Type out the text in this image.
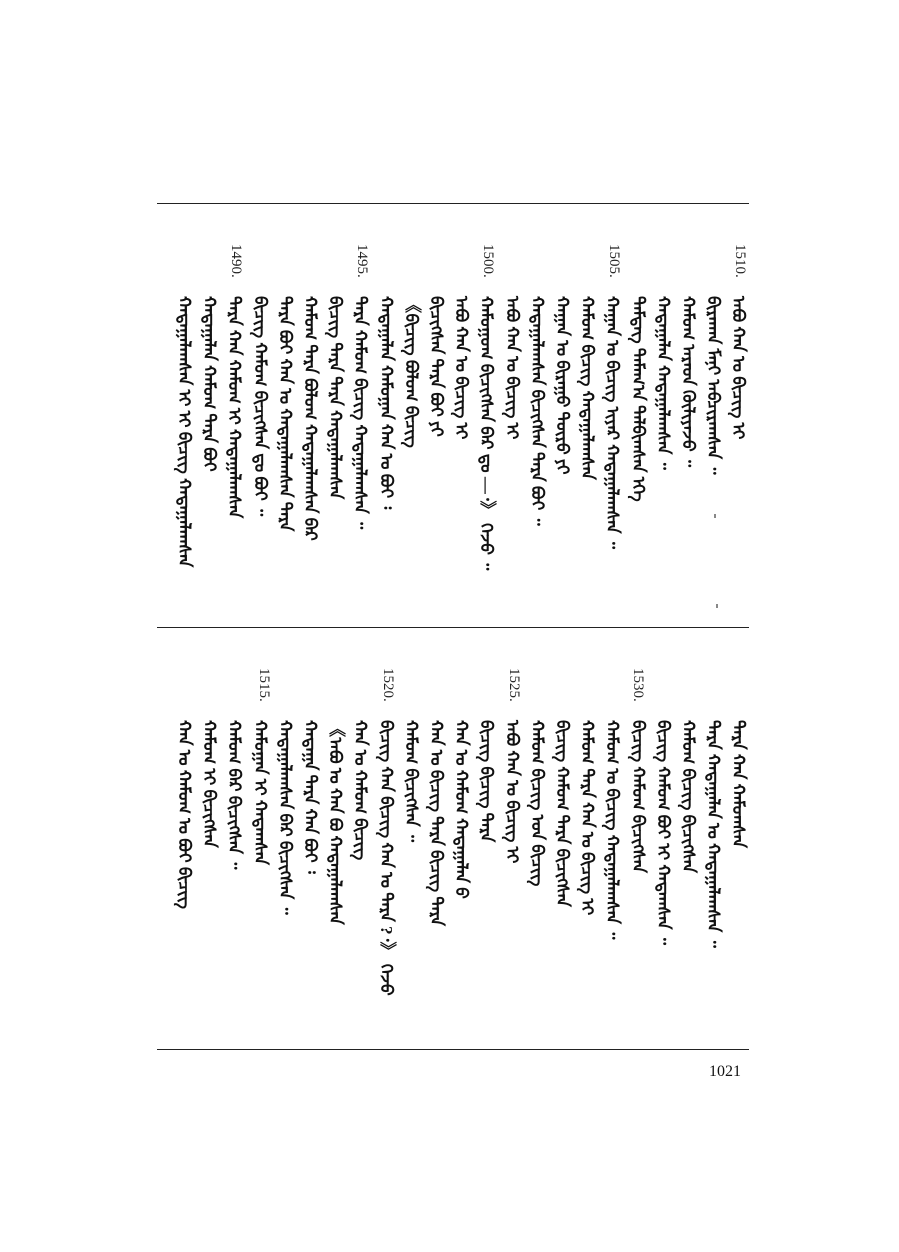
1510.
1505.
1500.
1495.
1490.
ᠠᠪᠤ ᠬᠠᠨ ᠤ ᠪᠢᠴᠢᠭ ᠢ
ᠪᠢᠷᠠᠬᠠᠨ ᠮᠠᠨᠢ ᠠᠪᠴᠢᠷᠠᠭᠰᠠᠨ ᠃
ᠬᠠᠮᠤᠭ ᠠᠷᠠᠳ ᠬᠦᠯᠢᠶᠡᠵᠦ ᠃
ᠬᠠᠳᠠᠭᠠᠯᠠᠨ ᠬᠠᠳᠠᠭᠠᠯᠠᠭᠰᠠᠨ ᠃
ᠲᠡᠮᠳᠡᠭ ᠲᠠᠮᠠᠭ᠎ᠠ ᠲᠠᠯᠪᠢᠭᠰᠠᠨ ᠡᠬᠡ
ᠬᠠᠭᠠᠨ ᠤ ᠪᠢᠴᠢᠭ ᠢᠶᠡᠷ ᠬᠠᠳᠠᠭᠠᠯᠠᠭᠰᠠᠨ ᠃
ᠬᠠᠮᠤᠭ ᠪᠢᠴᠢᠭ ᠬᠠᠳᠠᠭᠠᠯᠠᠭᠰᠠᠨ
ᠬᠠᠭᠠᠨ ᠤ ᠪᠢᠷᠠᠭᠤ ᠲᠥᠷᠥ ᠶᠢ
ᠬᠠᠳᠠᠭᠠᠯᠠᠭᠰᠠᠨ ᠪᠢᠴᠢᠭᠰᠡᠨ ᠲᠡᠷᠡ ᠪᠤᠢ ᠃
ᠠᠪᠤ ᠬᠠᠨ ᠤ ᠪᠢᠴᠢᠭ ᠢ
ᠬᠠᠮᠤᠭᠤᠭ ᠪᠢᠴᠢᠭᠰᠡᠨ ᠪᠡᠷ ᠳᠤ —᠂》 ᠭᠡᠵᠦ ᠃
ᠠᠪᠤ ᠬᠠᠨ ᠤ ᠪᠢᠴᠢᠭ ᠢ
ᠪᠢᠴᠢᠭᠰᠡᠨ ᠲᠡᠷᠡ ᠪᠤᠢ ᠶᠢ
《ᠪᠢᠴᠢᠭ ᠪᠤᠯᠤᠭ ᠪᠢᠴᠢᠭ
ᠬᠠᠳᠠᠭᠠᠯᠠᠨ ᠬᠠᠮᠤᠭᠠᠨ ᠬᠠᠨ ᠤ ᠪᠤᠢ ᠄
ᠲᠡᠷᠡ ᠬᠠᠮᠤᠭ ᠪᠢᠴᠢᠭ ᠬᠠᠳᠠᠭᠠᠯᠠᠭᠰᠠᠨ ᠃
ᠪᠢᠴᠢᠭ ᠲᠡᠷᠡ ᠲᠡᠷᠡ ᠬᠠᠳᠠᠭᠠᠯᠠᠭᠰᠠᠨ
ᠬᠠᠮᠤᠭ ᠲᠡᠷᠡ ᠪᠤᠯᠤᠭ ᠬᠠᠳᠠᠭᠠᠯᠠᠭᠰᠠᠨ ᠪᠡᠷ
ᠲᠡᠷᠡ ᠪᠤᠢ ᠬᠠᠨ ᠤ ᠬᠠᠳᠠᠭᠠᠯᠠᠭᠰᠠᠨ ᠲᠡᠷᠡ
ᠪᠢᠴᠢᠭ ᠬᠠᠮᠤᠭ ᠪᠢᠴᠢᠭᠰᠡᠨ ᠳᠤ ᠪᠤᠢ ᠃
ᠲᠡᠷᠡ ᠬᠠᠨ ᠬᠠᠮᠤᠭ ᠢ ᠬᠠᠳᠠᠭᠠᠯᠠᠭᠰᠠᠨ
ᠬᠠᠳᠠᠭᠠᠯᠠᠨ ᠬᠠᠮᠤᠭ ᠲᠡᠷᠡ ᠪᠤᠢ
ᠬᠠᠳᠠᠭᠠᠯᠠᠭᠰᠠᠨ ᠢ ᠢ ᠪᠢᠴᠢᠭ ᠬᠠᠳᠠᠭᠠᠯᠠᠭᠰᠠᠨ
1530.
1525.
1520.
1515.
ᠲᠡᠷᠡ ᠬᠠᠨ ᠬᠠᠮᠤᠭᠰᠠᠨ
ᠲᠡᠷᠡ ᠬᠠᠳᠠᠭᠠᠯᠠᠨ ᠤ ᠬᠠᠳᠠᠭᠠᠯᠠᠭᠰᠠᠨ ᠃
ᠬᠠᠮᠤᠭ ᠪᠢᠴᠢᠭ ᠪᠢᠴᠢᠭᠰᠡᠨ
ᠪᠢᠴᠢᠭ ᠬᠠᠮᠤᠭ ᠪᠤᠢ ᠢ ᠬᠠᠳᠠᠭᠰᠠᠨ ᠃
ᠪᠢᠴᠢᠭ ᠬᠠᠮᠤᠭ ᠪᠢᠴᠢᠭᠰᠡᠨ
ᠬᠠᠮᠤᠭ ᠤ ᠪᠢᠴᠢᠭ ᠬᠠᠳᠠᠭᠠᠯᠠᠭᠰᠠᠨ ᠃
ᠬᠠᠮᠤᠭ ᠲᠡᠷᠡ ᠬᠠᠨ ᠤ ᠪᠢᠴᠢᠭ ᠢ
ᠪᠢᠴᠢᠭ ᠬᠠᠮᠤᠭ ᠲᠡᠷᠡ ᠪᠢᠴᠢᠭᠰᠡᠨ
ᠬᠠᠮᠤᠭ ᠪᠢᠴᠢᠭ ᠤᠨ ᠪᠢᠴᠢᠭ
ᠠᠪᠤ ᠬᠠᠨ ᠤ ᠪᠢᠴᠢᠭ ᠢ
ᠪᠢᠴᠢᠭ ᠪᠢᠴᠢᠭ ᠲᠡᠷᠡ
ᠬᠠᠨ ᠤ ᠬᠠᠮᠤᠭ ᠬᠠᠳᠠᠭᠠᠯᠠᠨ ᠪ
ᠬᠠᠨ ᠤ ᠪᠢᠴᠢᠭ ᠲᠡᠷᠡ ᠪᠢᠴᠢᠭ ᠲᠡᠷᠡ
ᠬᠠᠮᠤᠭ ᠪᠢᠴᠢᠭᠰᠡᠨ ᠃
ᠪᠢᠴᠢᠭ ᠬᠠᠨ ᠪᠢᠴᠢᠭ ᠬᠠᠨ ᠤ ᠲᠡᠷᠡ ?᠂》 ᠭᠡᠵᠦ
ᠬᠠᠨ ᠤ ᠬᠠᠮᠤᠭ ᠪᠢᠴᠢᠭ
《ᠠᠪᠤ ᠤ ᠬᠠᠨ ᠪᠤ ᠬᠠᠳᠠᠭᠠᠯᠠᠭᠰᠠᠨ
ᠬᠠᠳᠠᠭᠠ ᠲᠡᠷᠡ ᠬᠠᠨ ᠪᠤᠢ ᠄
ᠬᠠᠳᠠᠭᠠᠯᠠᠭᠰᠠᠨ ᠪᠡᠷ ᠪᠢᠴᠢᠭᠰᠡᠨ ᠃
ᠬᠠᠮᠤᠭᠠᠨ ᠢ ᠬᠠᠳᠠᠭᠰᠠᠨ
ᠬᠠᠮᠤᠭ ᠪᠡᠷ ᠪᠢᠴᠢᠭᠰᠡᠨ ᠃
ᠬᠠᠮᠤᠭ ᠢ ᠪᠢᠴᠢᠭᠰᠡᠨ
ᠬᠠᠨ ᠤ ᠬᠠᠮᠤᠭ ᠤ ᠪᠤᠢ ᠪᠢᠴᠢᠭ
1021
